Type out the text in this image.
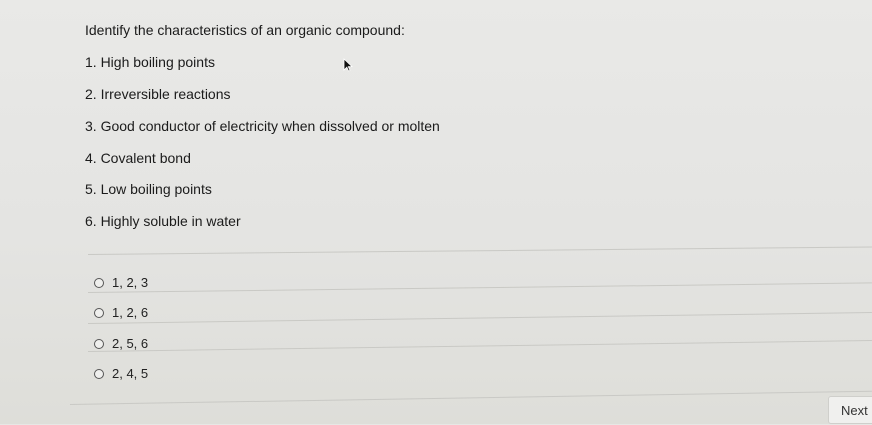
Identify the characteristics of an organic compound:
1. High boiling points
2. Irreversible reactions
3. Good conductor of electricity when dissolved or molten
4. Covalent bond
5. Low boiling points
6. Highly soluble in water
1, 2, 3
1, 2, 6
2, 5, 6
2, 4, 5
Next
